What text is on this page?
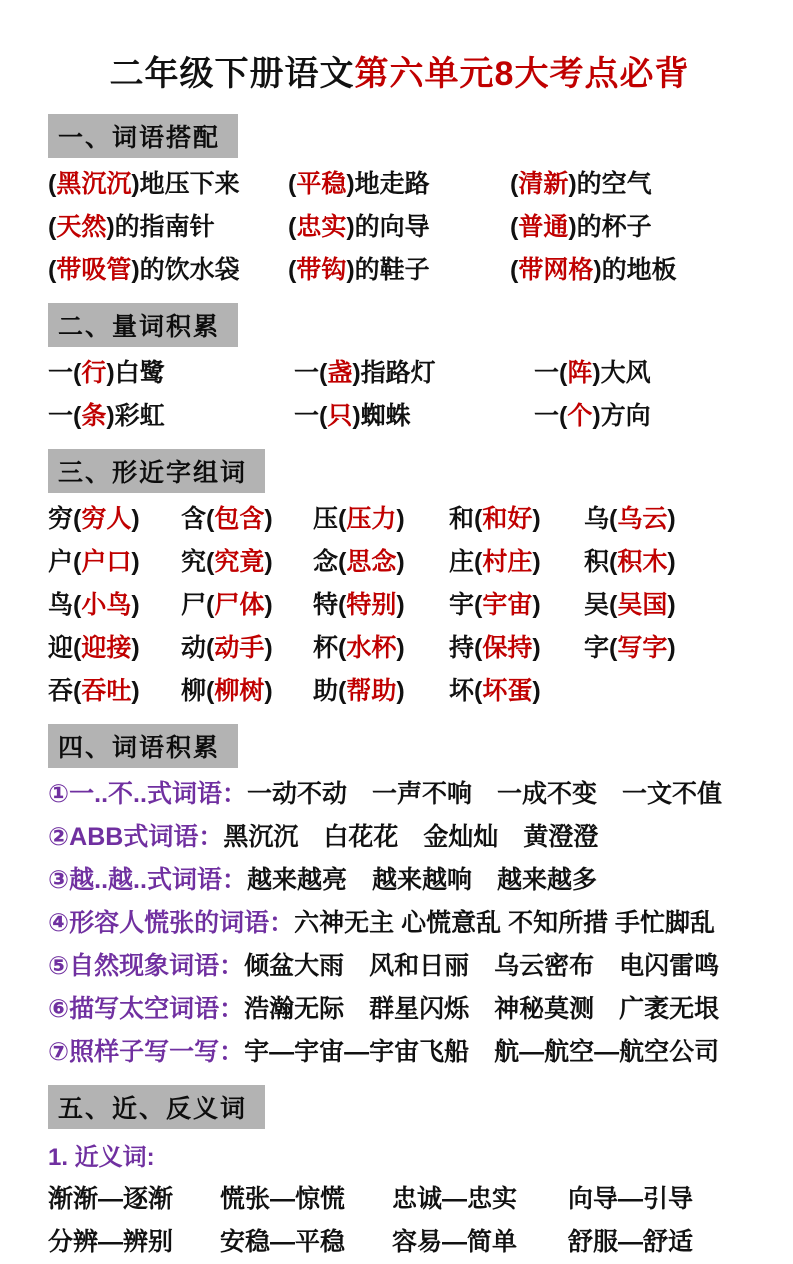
二年级下册语文第六单元8大考点必背
一、词语搭配
(黑沉沉)地压下来	(平稳)地走路	(清新)的空气
(天然)的指南针	(忠实)的向导	(普通)的杯子
(带吸管)的饮水袋	(带钩)的鞋子	(带网格)的地板
二、量词积累
一(行)白鹭	一(盏)指路灯	一(阵)大风
一(条)彩虹	一(只)蜘蛛	一(个)方向
三、形近字组词
穷(穷人)	含(包含)	压(压力)	和(和好)	乌(乌云)
户(户口)	究(究竟)	念(思念)	庄(村庄)	积(积木)
鸟(小鸟)	尸(尸体)	特(特别)	宇(宇宙)	吴(吴国)
迎(迎接)	动(动手)	杯(水杯)	持(保持)	字(写字)
吞(吞吐)	柳(柳树)	助(帮助)	坏(坏蛋)
四、词语积累
①一..不..式词语：一动不动　一声不响　一成不变　一文不值
②ABB式词语：黑沉沉　白花花　金灿灿　黄澄澄
③越..越..式词语：越来越亮　越来越响　越来越多
④形容人慌张的词语：六神无主 心慌意乱 不知所措 手忙脚乱
⑤自然现象词语：倾盆大雨　风和日丽　乌云密布　电闪雷鸣
⑥描写太空词语：浩瀚无际　群星闪烁　神秘莫测　广袤无垠
⑦照样子写一写：宇—宇宙—宇宙飞船　航—航空—航空公司
五、近、反义词
1. 近义词:
渐渐—逐渐	慌张—惊慌	忠诚—忠实	向导—引导
分辨—辨别	安稳—平稳	容易—简单	舒服—舒适
